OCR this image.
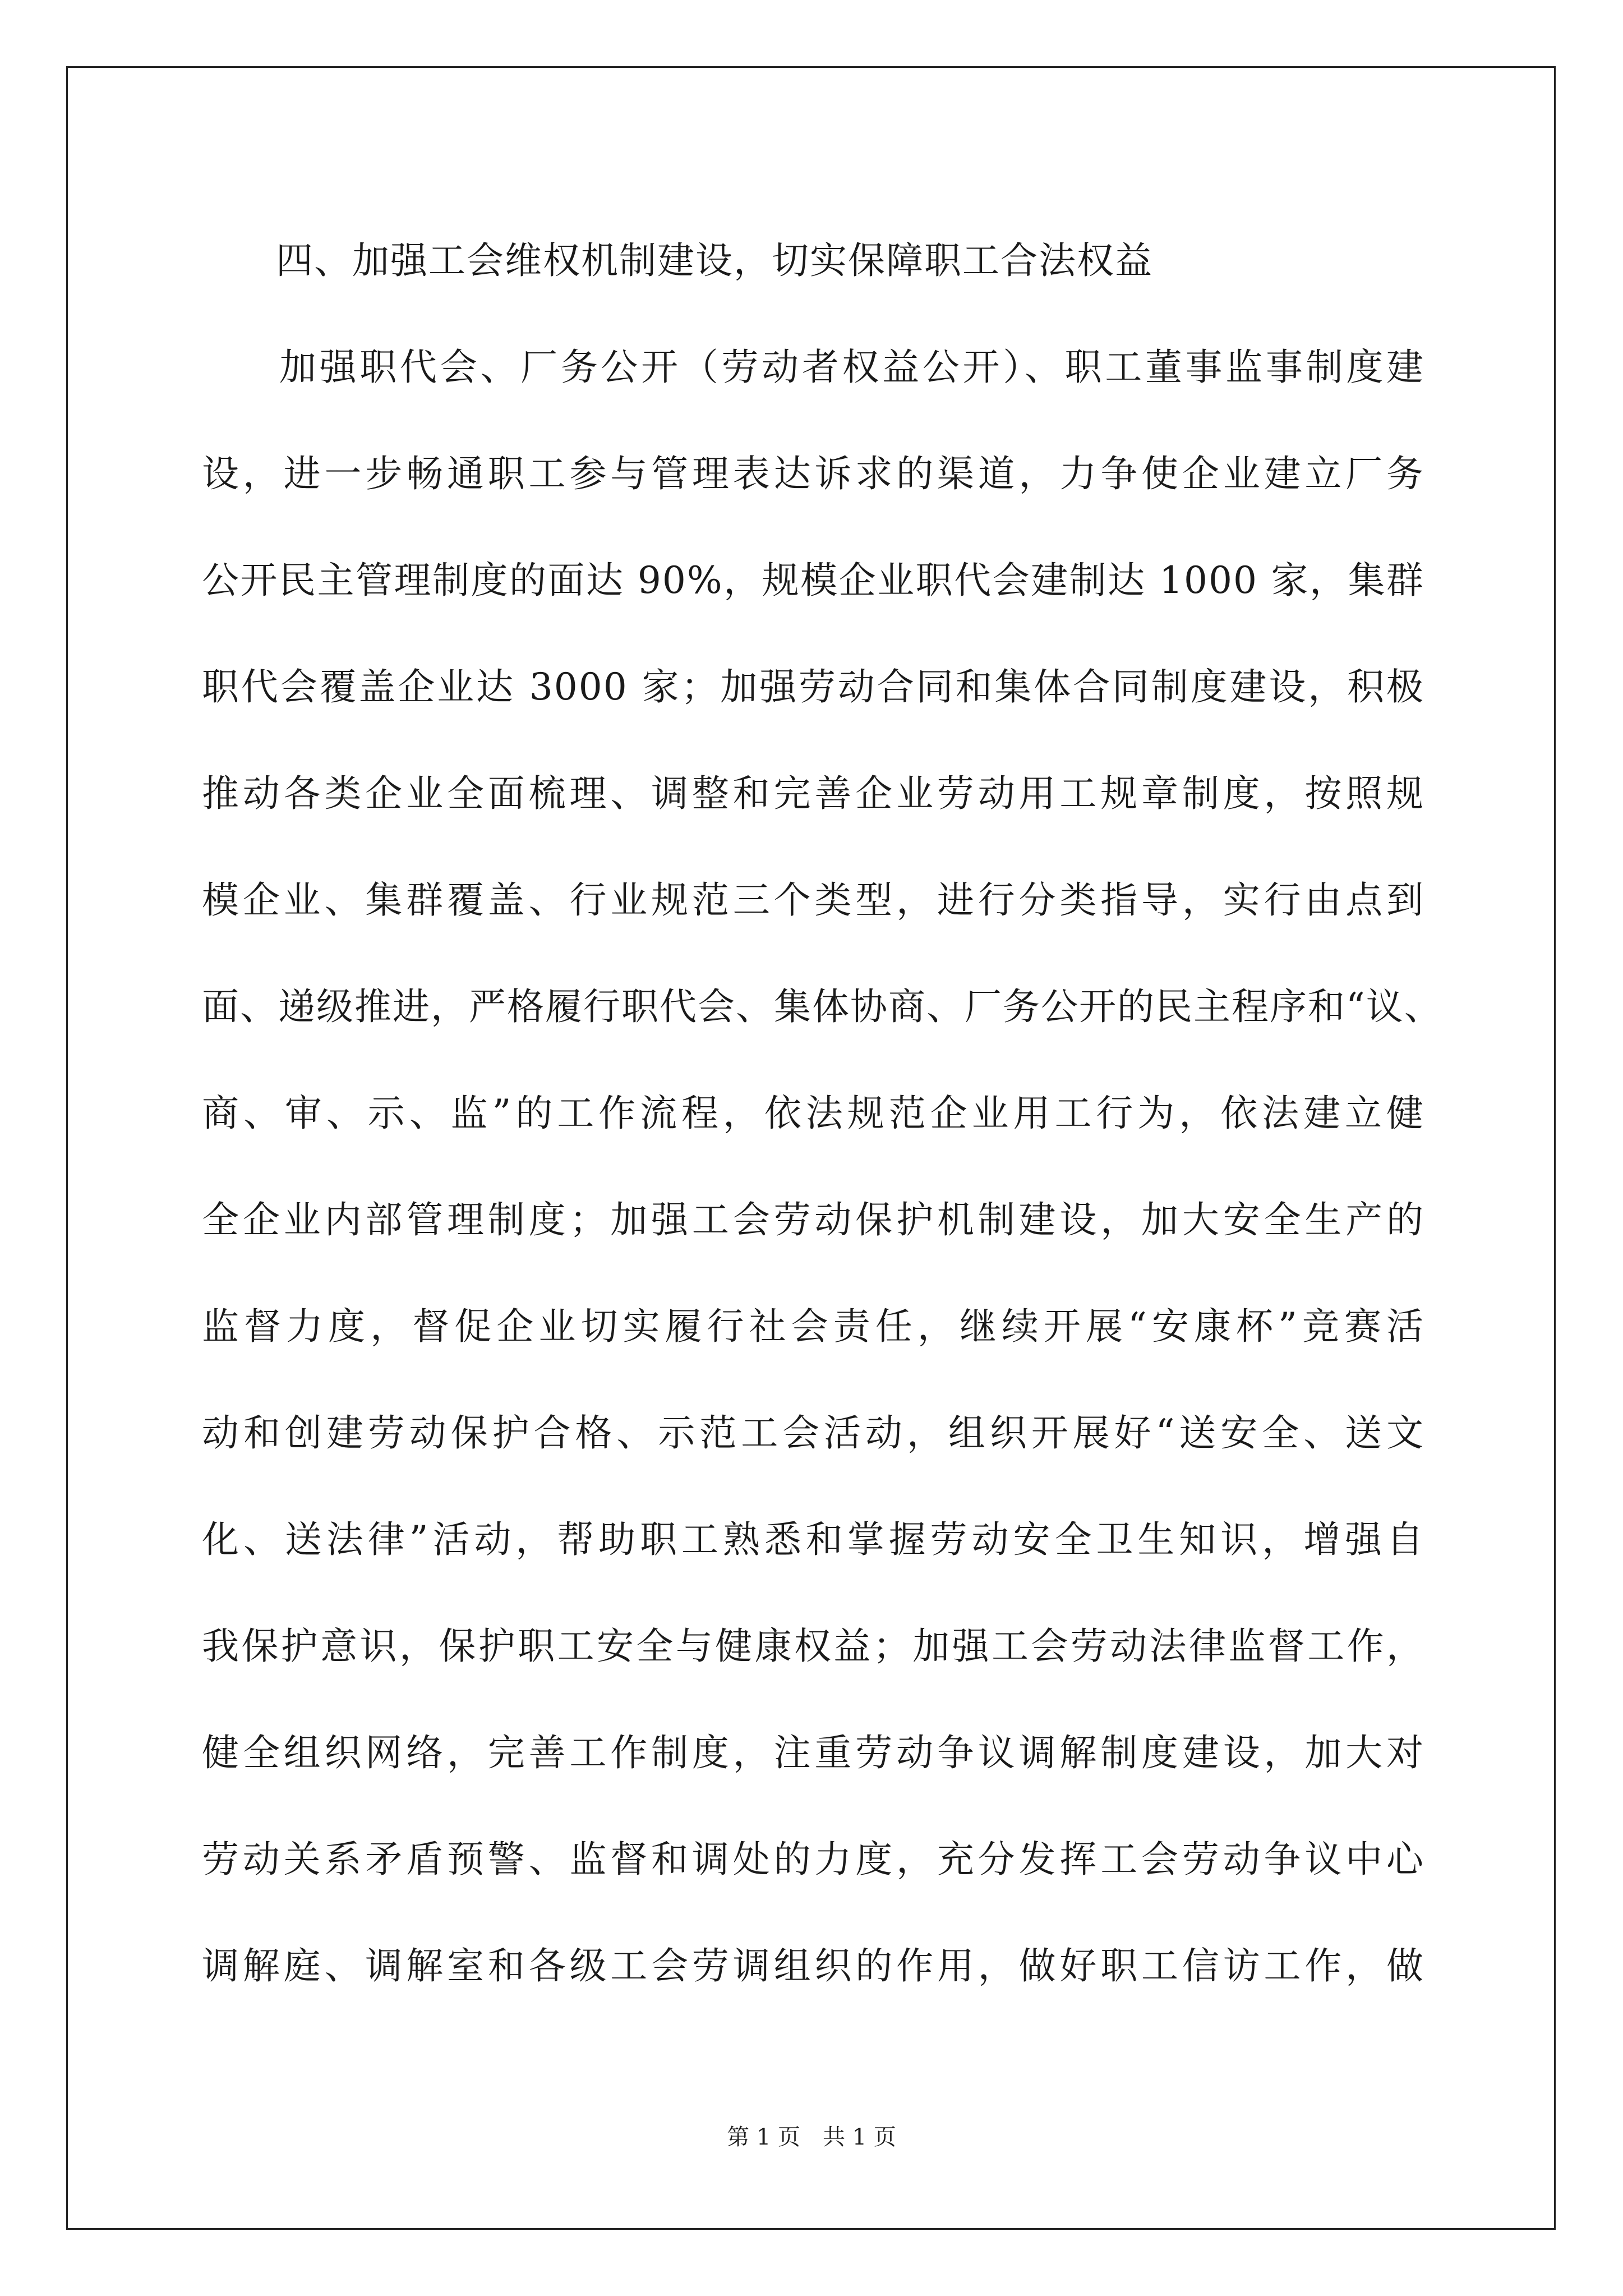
四、加强工会维权机制建设，切实保障职工合法权益

加强职代会、厂务公开（劳动者权益公开）、职工董事监事制度建

设，进一步畅通职工参与管理表达诉求的渠道，力争使企业建立厂务

公开民主管理制度的面达 90%，规模企业职代会建制达 1000 家，集群

职代会覆盖企业达 3000 家；加强劳动合同和集体合同制度建设，积极

推动各类企业全面梳理、调整和完善企业劳动用工规章制度，按照规

模企业、集群覆盖、行业规范三个类型，进行分类指导，实行由点到

面、递级推进，严格履行职代会、集体协商、厂务公开的民主程序和“议、

商、审、示、监”的工作流程，依法规范企业用工行为，依法建立健

全企业内部管理制度；加强工会劳动保护机制建设，加大安全生产的

监督力度，督促企业切实履行社会责任，继续开展“安康杯”竞赛活

动和创建劳动保护合格、示范工会活动，组织开展好“送安全、送文

化、送法律”活动，帮助职工熟悉和掌握劳动安全卫生知识，增强自

我保护意识，保护职工安全与健康权益；加强工会劳动法律监督工作，

健全组织网络，完善工作制度，注重劳动争议调解制度建设，加大对

劳动关系矛盾预警、监督和调处的力度，充分发挥工会劳动争议中心

调解庭、调解室和各级工会劳调组织的作用，做好职工信访工作，做

第 1 页 共 1 页
